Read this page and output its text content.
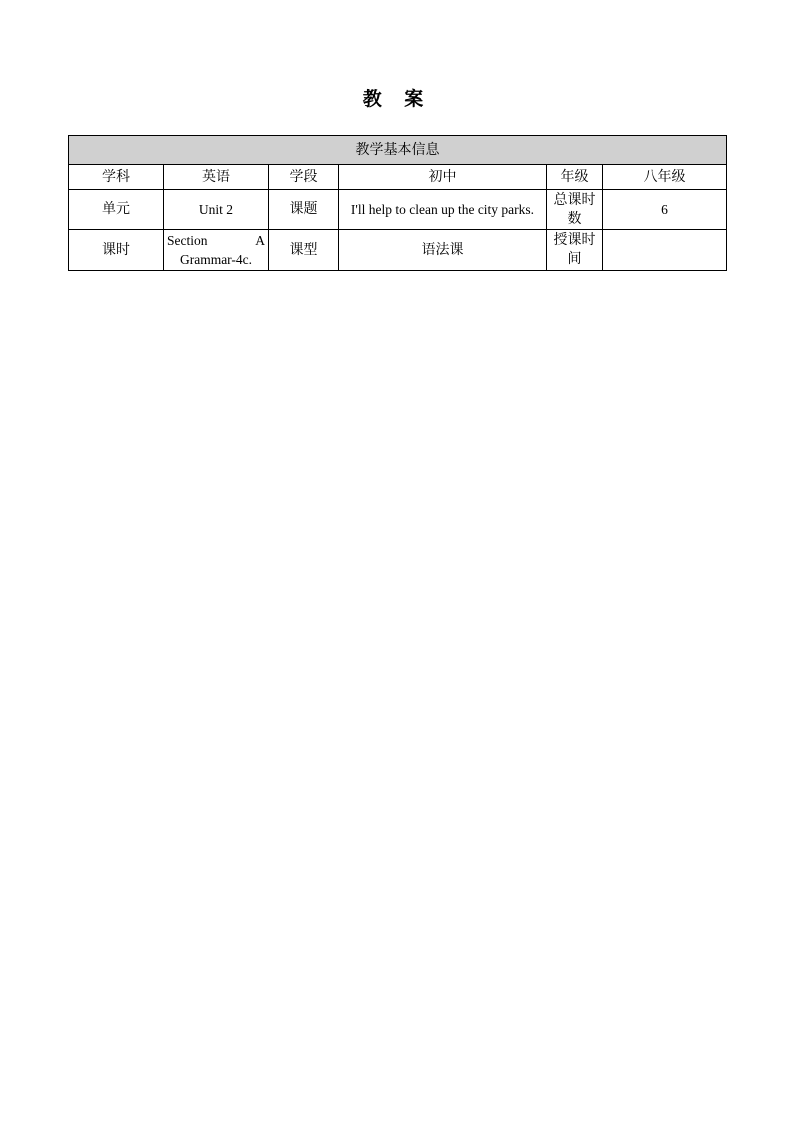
教 案
教学基本信息					
学科	英语	学段	初中	年级	八年级
单元	Unit 2	课题	I'll help to clean up the city parks.	总课时数	6
课时	Section A Grammar-4c.	课型	语法课	授课时间	
